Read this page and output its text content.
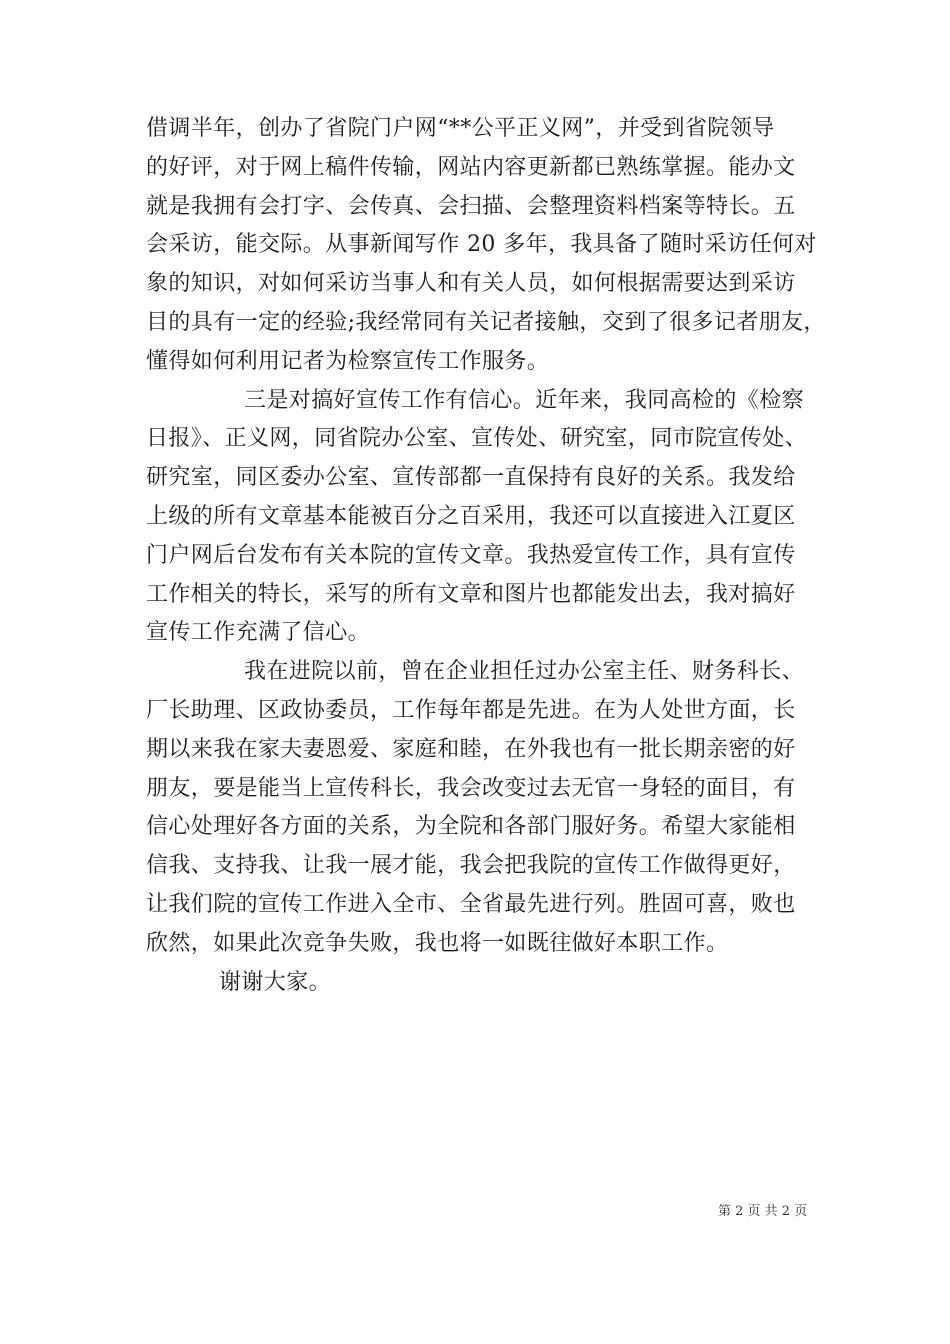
借调半年，创办了省院门户网“**公平正义网”，并受到省院领导
的好评，对于网上稿件传输，网站内容更新都已熟练掌握。能办文
就是我拥有会打字、会传真、会扫描、会整理资料档案等特长。五
会采访，能交际。从事新闻写作 20 多年，我具备了随时采访任何对
象的知识，对如何采访当事人和有关人员，如何根据需要达到采访
目的具有一定的经验;我经常同有关记者接触，交到了很多记者朋友，
懂得如何利用记者为检察宣传工作服务。
三是对搞好宣传工作有信心。近年来，我同高检的《检察
日报》、正义网，同省院办公室、宣传处、研究室，同市院宣传处、
研究室，同区委办公室、宣传部都一直保持有良好的关系。我发给
上级的所有文章基本能被百分之百采用，我还可以直接进入江夏区
门户网后台发布有关本院的宣传文章。我热爱宣传工作，具有宣传
工作相关的特长，采写的所有文章和图片也都能发出去，我对搞好
宣传工作充满了信心。
我在进院以前，曾在企业担任过办公室主任、财务科长、
厂长助理、区政协委员，工作每年都是先进。在为人处世方面，长
期以来我在家夫妻恩爱、家庭和睦，在外我也有一批长期亲密的好
朋友，要是能当上宣传科长，我会改变过去无官一身轻的面目，有
信心处理好各方面的关系，为全院和各部门服好务。希望大家能相
信我、支持我、让我一展才能，我会把我院的宣传工作做得更好，
让我们院的宣传工作进入全市、全省最先进行列。胜固可喜，败也
欣然，如果此次竞争失败，我也将一如既往做好本职工作。
谢谢大家。
第 2 页 共 2 页
